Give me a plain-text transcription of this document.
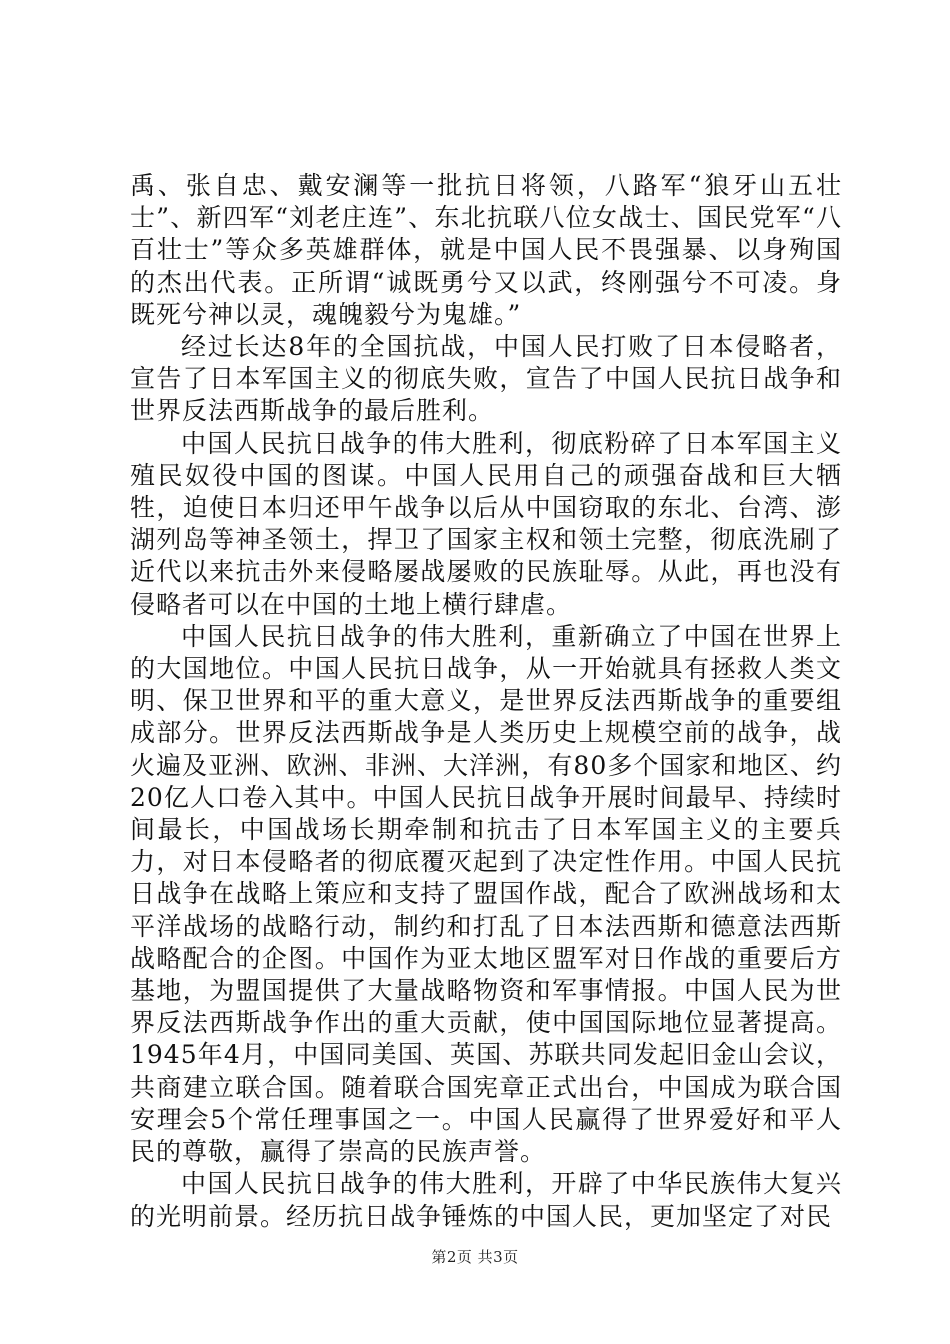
禹、张自忠、戴安澜等一批抗日将领，八路军“狼牙山五壮士”、新四军“刘老庄连”、东北抗联八位女战士、国民党军“八百壮士”等众多英雄群体，就是中国人民不畏强暴、以身殉国的杰出代表。正所谓“诚既勇兮又以武，终刚强兮不可凌。身既死兮神以灵，魂魄毅兮为鬼雄。”

经过长达8年的全国抗战，中国人民打败了日本侵略者，宣告了日本军国主义的彻底失败，宣告了中国人民抗日战争和世界反法西斯战争的最后胜利。

中国人民抗日战争的伟大胜利，彻底粉碎了日本军国主义殖民奴役中国的图谋。中国人民用自己的顽强奋战和巨大牺牲，迫使日本归还甲午战争以后从中国窃取的东北、台湾、澎湖列岛等神圣领土，捍卫了国家主权和领土完整，彻底洗刷了近代以来抗击外来侵略屡战屡败的民族耻辱。从此，再也没有侵略者可以在中国的土地上横行肆虐。

中国人民抗日战争的伟大胜利，重新确立了中国在世界上的大国地位。中国人民抗日战争，从一开始就具有拯救人类文明、保卫世界和平的重大意义，是世界反法西斯战争的重要组成部分。世界反法西斯战争是人类历史上规模空前的战争，战火遍及亚洲、欧洲、非洲、大洋洲，有80多个国家和地区、约20亿人口卷入其中。中国人民抗日战争开展时间最早、持续时间最长，中国战场长期牵制和抗击了日本军国主义的主要兵力，对日本侵略者的彻底覆灭起到了决定性作用。中国人民抗日战争在战略上策应和支持了盟国作战，配合了欧洲战场和太平洋战场的战略行动，制约和打乱了日本法西斯和德意法西斯战略配合的企图。中国作为亚太地区盟军对日作战的重要后方基地，为盟国提供了大量战略物资和军事情报。中国人民为世界反法西斯战争作出的重大贡献，使中国国际地位显著提高。1945年4月，中国同美国、英国、苏联共同发起旧金山会议，共商建立联合国。随着联合国宪章正式出台，中国成为联合国安理会5个常任理事国之一。中国人民赢得了世界爱好和平人民的尊敬，赢得了崇高的民族声誉。

中国人民抗日战争的伟大胜利，开辟了中华民族伟大复兴的光明前景。经历抗日战争锤炼的中国人民，更加坚定了对民

第2页 共3页
